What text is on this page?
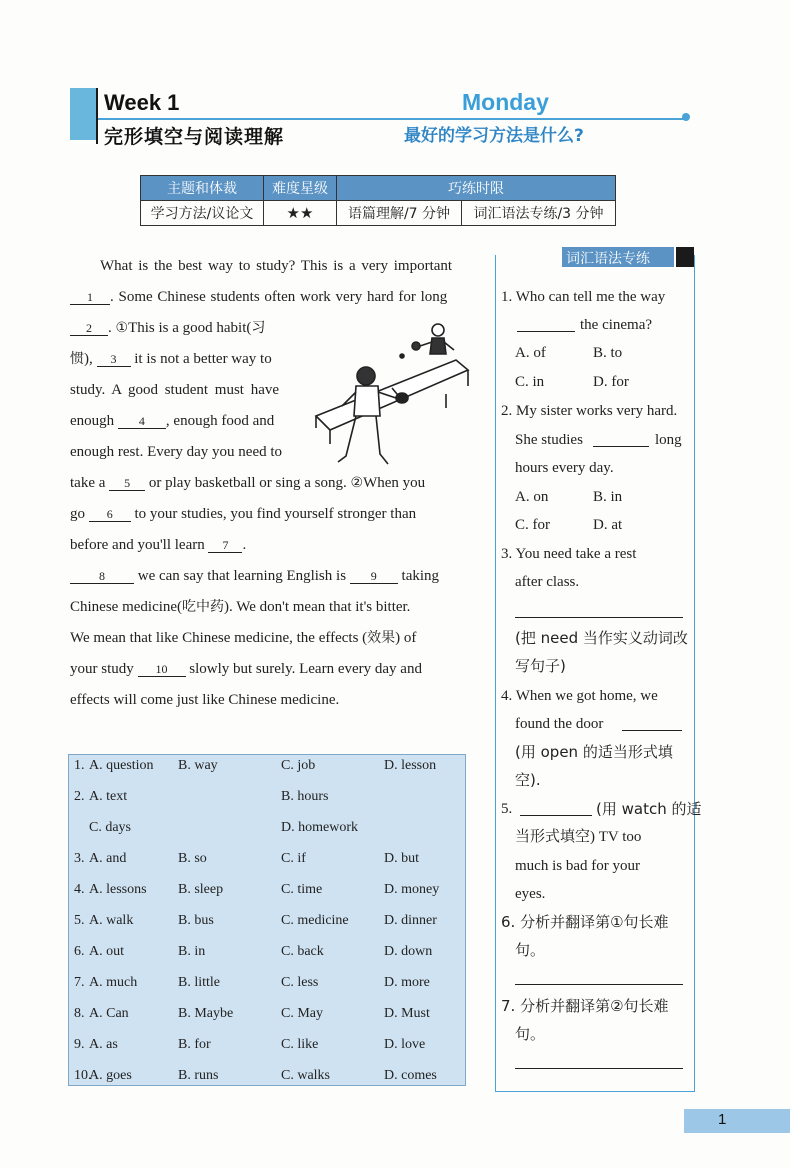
Week 1
完形填空与阅读理解
Monday
最好的学习方法是什么?
主题和体裁	难度星级	巧练时限	
学习方法/议论文	★★	语篇理解/7 分钟	词汇语法专练/3 分钟
What is the best way to study? This is a very important
1 . Some Chinese students often work very hard for long
2 . ①This is a good habit(习
惯), 3 it is not a better way to
study. A good student must have
enough 4 , enough food and
enough rest. Every day you need to
take a 5 or play basketball or sing a song. ②When you
go 6 to your studies, you find yourself stronger than
before and you'll learn 7 .
8 we can say that learning English is 9 taking
Chinese medicine(吃中药). We don't mean that it's bitter.
We mean that like Chinese medicine, the effects (效果) of
your study 10 slowly but surely. Learn every day and
effects will come just like Chinese medicine.
1. A. question B. way	C. job	D. lesson
2. A. text	B. hours
C. days	D. homework
3. A. and	B. so	C. if	D. but
4. A. lessons B. sleep	C. time	D. money
5. A. walk	B. bus	C. medicine	D. dinner
6. A. out	B. in	C. back	D. down
7. A. much	B. little	C. less	D. more
8. A. Can	B. Maybe	C. May	D. Must
9. A. as	B. for	C. like	D. love
10.
A. goes	B. runs	C. walks	D. comes
词汇语法专练
1. Who can tell me the way
the cinema?
A. of	B. to
C. in	D. for
2. My sister works very hard.
She studies	long
hours every day.
A. on	B. in
C. for	D. at
3. You need take a rest
after class.
(把 need 当作实义动词改
写句子)
4. When we got home, we
found the door
(用 open 的适当形式填
空).
5.	(用 watch 的适
当形式填空) TV too
much is bad for your
eyes.
6. 分析并翻译第①句长难
句。
7. 分析并翻译第②句长难
句。
1
